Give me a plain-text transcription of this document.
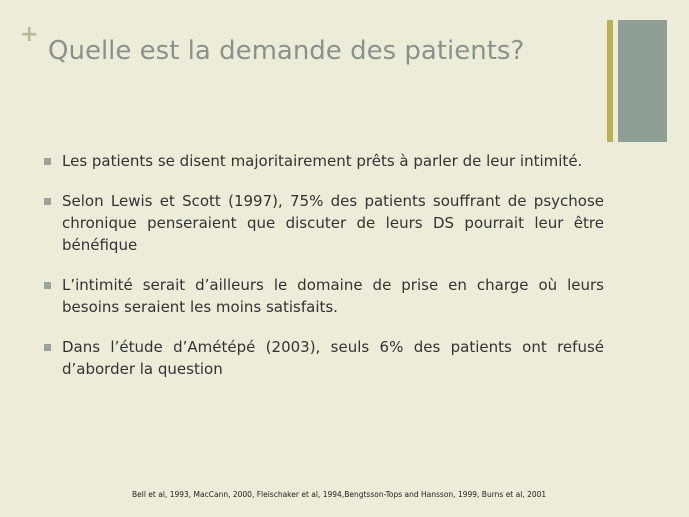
+
Quelle est la demande des patients?
Les patients se disent majoritairement prêts à parler de leur intimité.
Selon Lewis et Scott (1997), 75% des patients souffrant de psychose chronique penseraient que discuter de leurs DS pourrait leur être bénéfique
L’intimité serait d’ailleurs le domaine de prise en charge où leurs besoins seraient les moins satisfaits.
Dans l’étude d’Amétépé (2003), seuls 6% des patients ont refusé d’aborder la question
Bell et al, 1993, MacCann, 2000, Fleischaker et al, 1994,Bengtsson-Tops and Hansson, 1999, Burns et al, 2001
